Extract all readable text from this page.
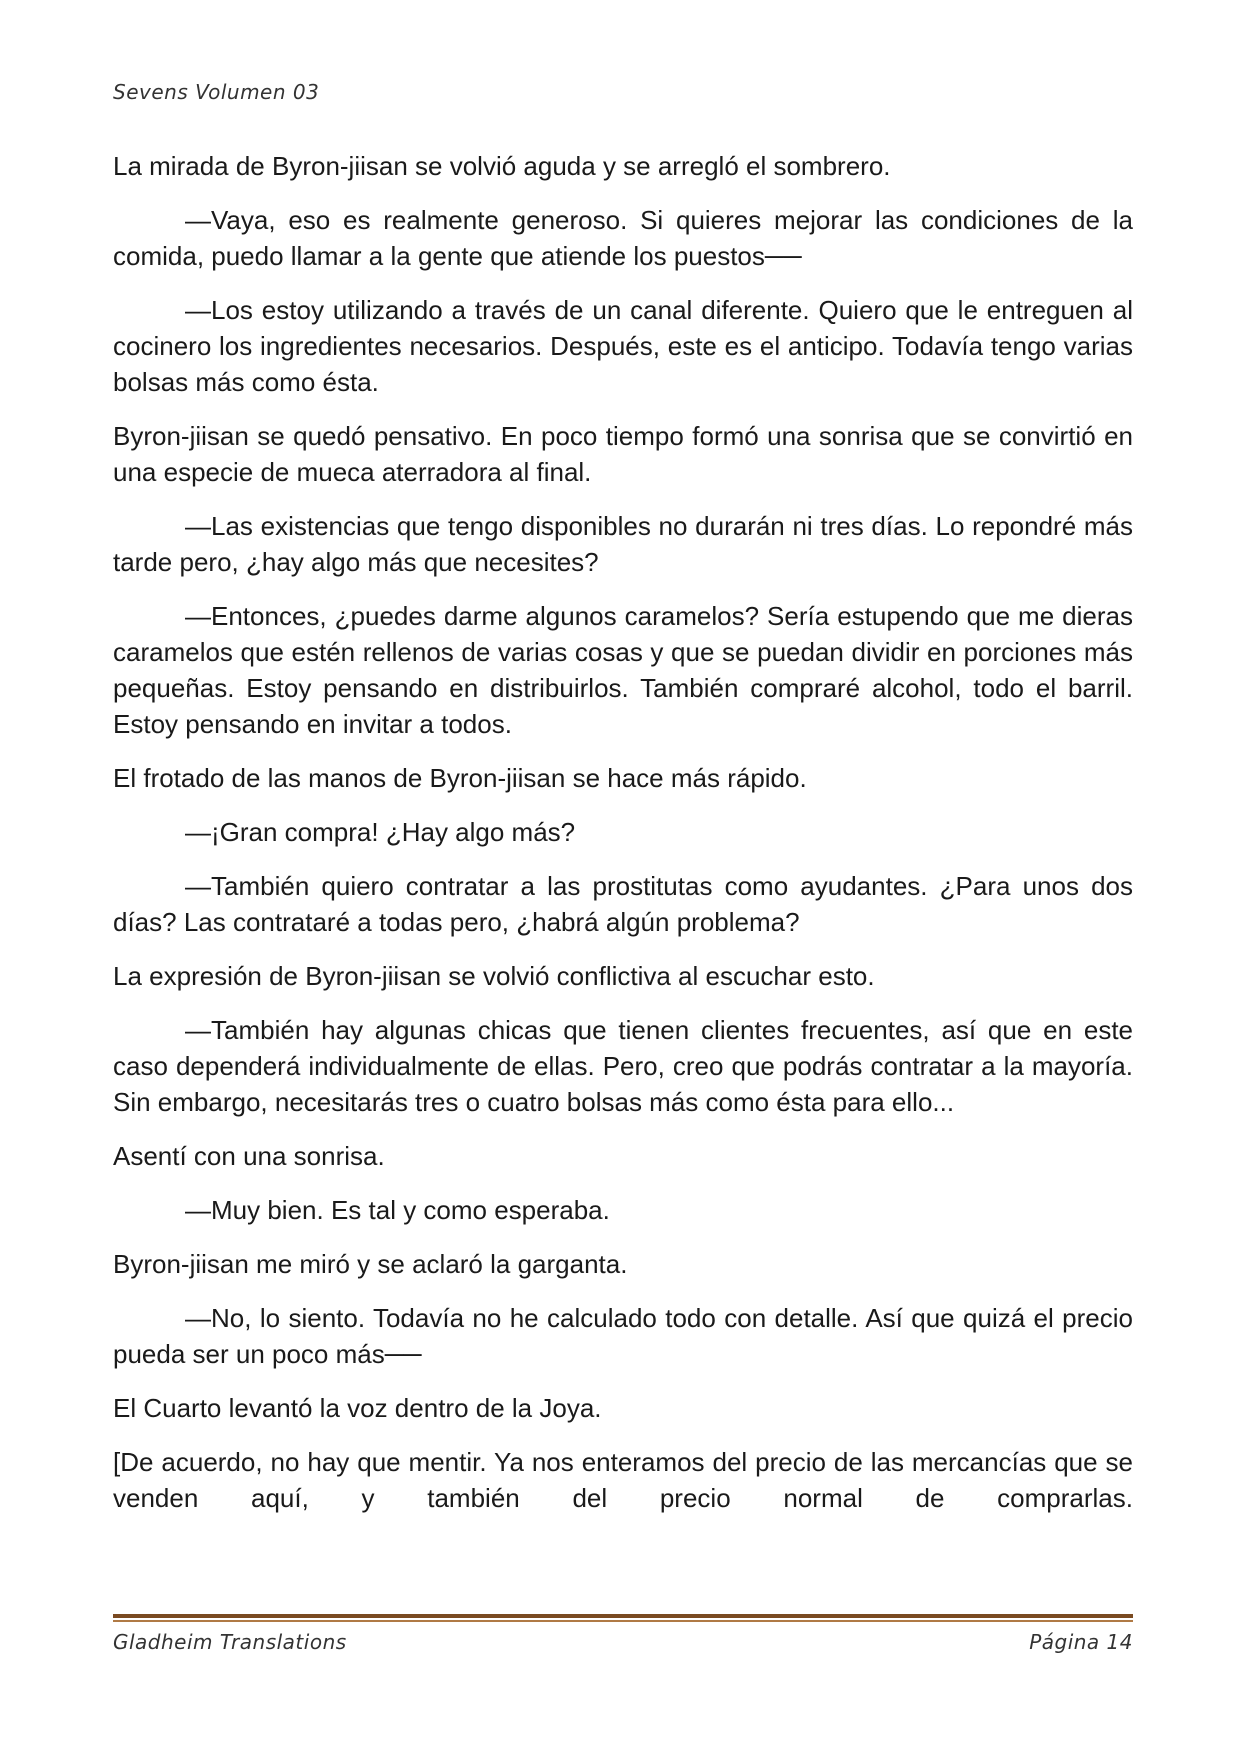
Sevens Volumen 03

La mirada de Byron-jiisan se volvió aguda y se arregló el sombrero.

—Vaya, eso es realmente generoso. Si quieres mejorar las condiciones de la comida, puedo llamar a la gente que atiende los puestos──

—Los estoy utilizando a través de un canal diferente. Quiero que le entreguen al cocinero los ingredientes necesarios. Después, este es el anticipo. Todavía tengo varias bolsas más como ésta.

Byron-jiisan se quedó pensativo. En poco tiempo formó una sonrisa que se convirtió en una especie de mueca aterradora al final.

—Las existencias que tengo disponibles no durarán ni tres días. Lo repondré más tarde pero, ¿hay algo más que necesites?

—Entonces, ¿puedes darme algunos caramelos? Sería estupendo que me dieras caramelos que estén rellenos de varias cosas y que se puedan dividir en porciones más pequeñas. Estoy pensando en distribuirlos. También compraré alcohol, todo el barril. Estoy pensando en invitar a todos.

El frotado de las manos de Byron-jiisan se hace más rápido.

—¡Gran compra! ¿Hay algo más?

—También quiero contratar a las prostitutas como ayudantes. ¿Para unos dos días? Las contrataré a todas pero, ¿habrá algún problema?

La expresión de Byron-jiisan se volvió conflictiva al escuchar esto.

—También hay algunas chicas que tienen clientes frecuentes, así que en este caso dependerá individualmente de ellas. Pero, creo que podrás contratar a la mayoría. Sin embargo, necesitarás tres o cuatro bolsas más como ésta para ello...

Asentí con una sonrisa.

—Muy bien. Es tal y como esperaba.

Byron-jiisan me miró y se aclaró la garganta.

—No, lo siento. Todavía no he calculado todo con detalle. Así que quizá el precio pueda ser un poco más──

El Cuarto levantó la voz dentro de la Joya.

[De acuerdo, no hay que mentir. Ya nos enteramos del precio de las mercancías que se venden aquí, y también del precio normal de comprarlas.

Gladheim Translations	Página 14
